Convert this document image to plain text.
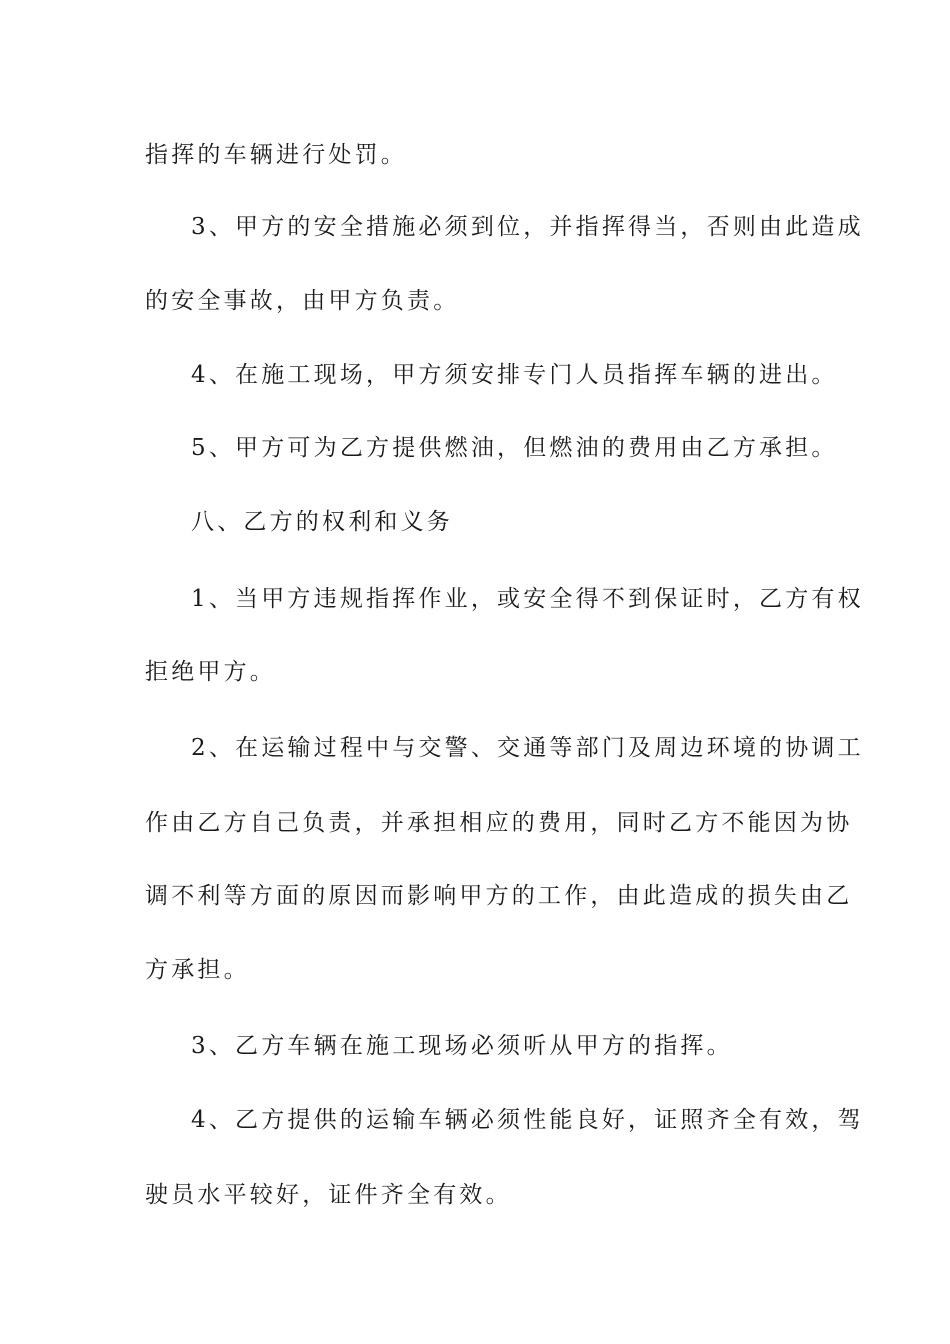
指挥的车辆进行处罚。
3、甲方的安全措施必须到位，并指挥得当，否则由此造成
的安全事故，由甲方负责。
4、在施工现场，甲方须安排专门人员指挥车辆的进出。
5、甲方可为乙方提供燃油，但燃油的费用由乙方承担。
八、乙方的权利和义务
1、当甲方违规指挥作业，或安全得不到保证时，乙方有权
拒绝甲方。
2、在运输过程中与交警、交通等部门及周边环境的协调工
作由乙方自己负责，并承担相应的费用，同时乙方不能因为协
调不利等方面的原因而影响甲方的工作，由此造成的损失由乙
方承担。
3、乙方车辆在施工现场必须听从甲方的指挥。
4、乙方提供的运输车辆必须性能良好，证照齐全有效，驾
驶员水平较好，证件齐全有效。
